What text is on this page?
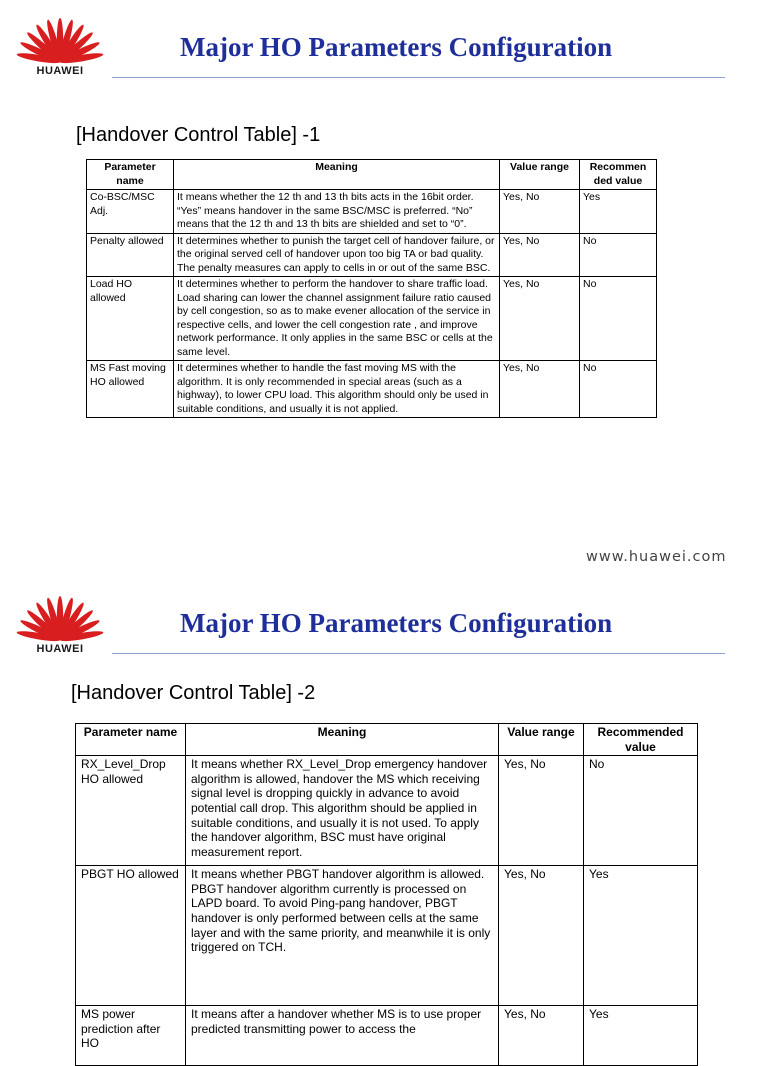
HUAWEI
Major HO Parameters Configuration
[Handover Control Table] -1
Parameter name	Meaning	Value range	Recommen ded value
Co-BSC/MSC Adj.	It means whether the 12 th and 13 th bits acts in the 16bit order. “Yes” means handover in the same BSC/MSC is preferred. “No” means that the 12 th and 13 th bits are shielded and set to “0”.	Yes, No	Yes
Penalty allowed	It determines whether to punish the target cell of handover failure, or the original served cell of handover upon too big TA or bad quality. The penalty measures can apply to cells in or out of the same BSC.	Yes, No	No
Load HO allowed	It determines whether to perform the handover to share traffic load. Load sharing can lower the channel assignment failure ratio caused by cell congestion, so as to make evener allocation of the service in respective cells, and lower the cell congestion rate , and improve network performance. It only applies in the same BSC or cells at the same level.	Yes, No	No
MS Fast moving HO allowed	It determines whether to handle the fast moving MS with the algorithm. It is only recommended in special areas (such as a highway), to lower CPU load. This algorithm should only be used in suitable conditions, and usually it is not applied.	Yes, No	No
www.huawei.com
HUAWEI
Major HO Parameters Configuration
[Handover Control Table] -2
Parameter name	Meaning	Value range	Recommended value
RX_Level_Drop HO allowed	It means whether RX_Level_Drop emergency handover algorithm is allowed, handover the MS which receiving signal level is dropping quickly in advance to avoid potential call drop. This algorithm should be applied in suitable conditions, and usually it is not used. To apply the handover algorithm, BSC must have original measurement report.	Yes, No	No
PBGT HO allowed	It means whether PBGT handover algorithm is allowed. PBGT handover algorithm currently is processed on LAPD board. To avoid Ping-pang handover, PBGT handover is only performed between cells at the same layer and with the same priority, and meanwhile it is only triggered on TCH.	Yes, No	Yes
MS power prediction after HO	It means after a handover whether MS is to use proper predicted transmitting power to access the	Yes, No	Yes
